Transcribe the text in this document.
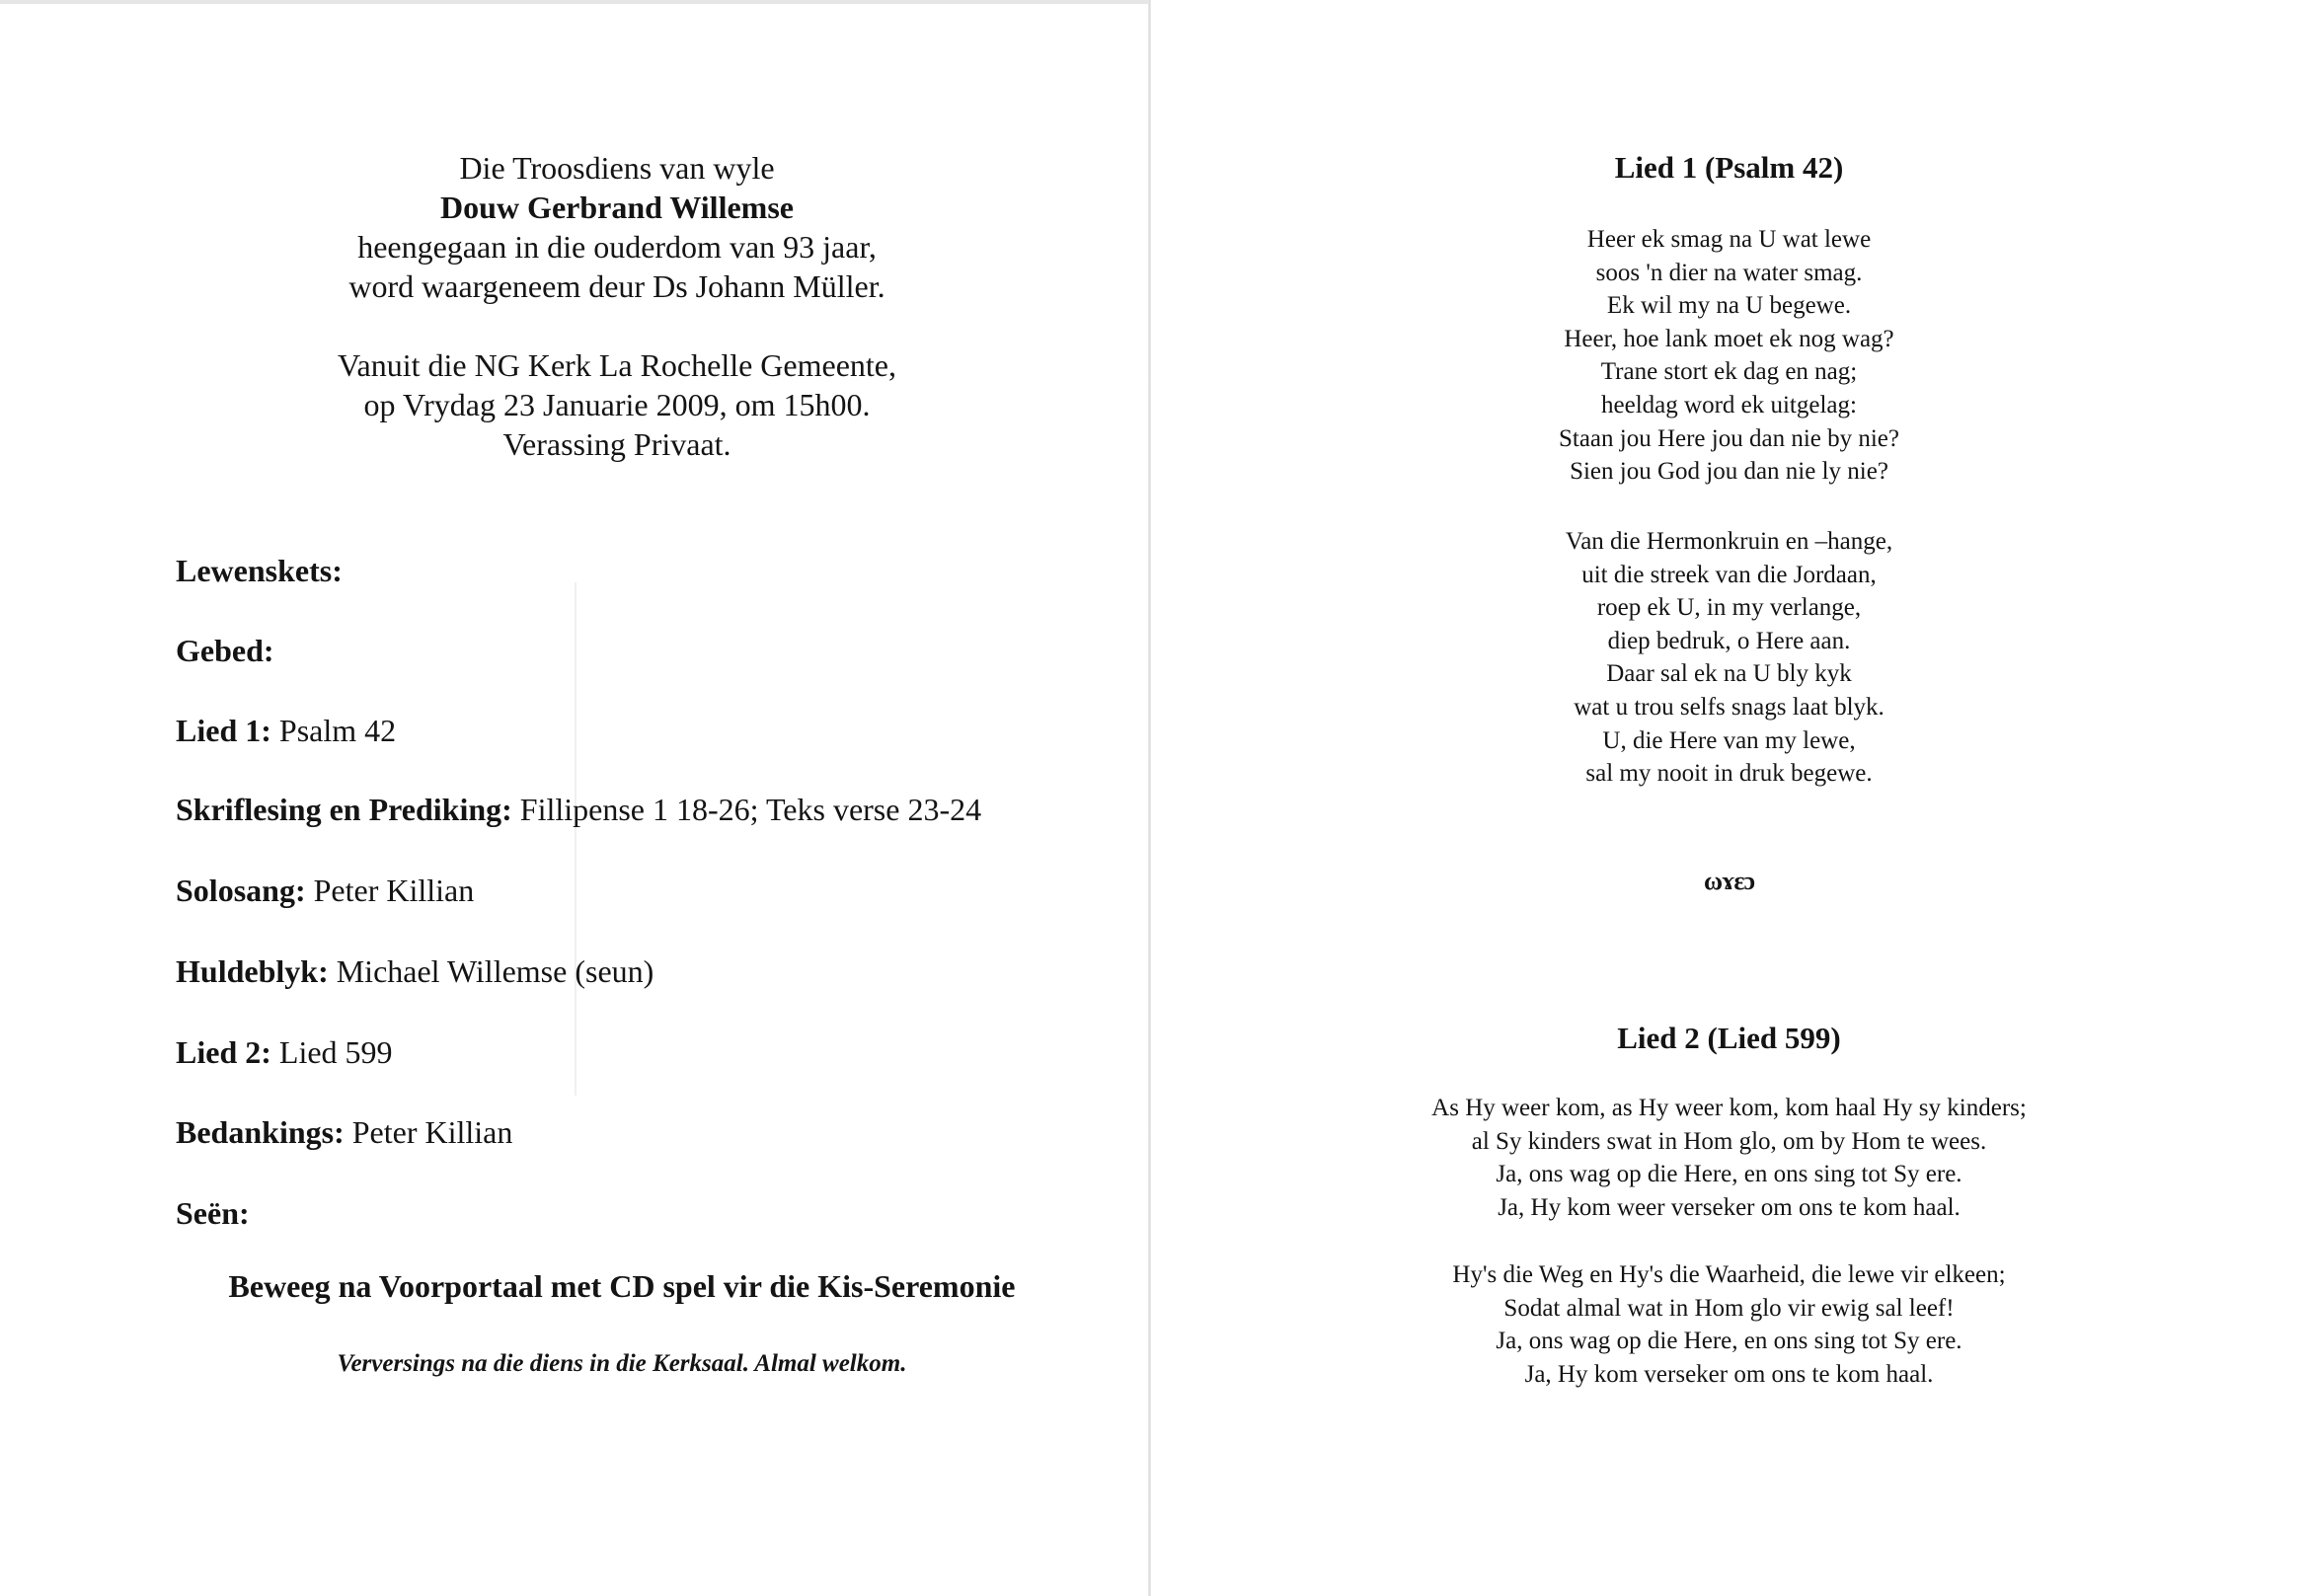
Die Troosdiens van wyle
Douw Gerbrand Willemse
heengegaan in die ouderdom van 93 jaar,
word waargeneem deur Ds Johann Müller.
Vanuit die NG Kerk La Rochelle Gemeente,
op Vrydag 23 Januarie 2009, om 15h00.
Verassing Privaat.
Lewenskets:
Gebed:
Lied 1: Psalm 42
Skriflesing en Prediking: Fillipense 1 18-26; Teks verse 23-24
Solosang: Peter Killian
Huldeblyk: Michael Willemse (seun)
Lied 2: Lied 599
Bedankings: Peter Killian
Seën:
Beweeg na Voorportaal met CD spel vir die Kis-Seremonie
Verversings na die diens in die Kerksaal. Almal welkom.
Lied 1 (Psalm 42)
Heer ek smag na U wat lewe
soos 'n dier na water smag.
Ek wil my na U begewe.
Heer, hoe lank moet ek nog wag?
Trane stort ek dag en nag;
heeldag word ek uitgelag:
Staan jou Here jou dan nie by nie?
Sien jou God jou dan nie ly nie?
Van die Hermonkruin en –hange,
uit die streek van die Jordaan,
roep ek U, in my verlange,
diep bedruk, o Here aan.
Daar sal ek na U bly kyk
wat u trou selfs snags laat blyk.
U, die Here van my lewe,
sal my nooit in druk begewe.
ωɤεɔ
Lied 2 (Lied 599)
As Hy weer kom, as Hy weer kom, kom haal Hy sy kinders;
al Sy kinders swat in Hom glo, om by Hom te wees.
Ja, ons wag op die Here, en ons sing tot Sy ere.
Ja, Hy kom weer verseker om ons te kom haal.
Hy's die Weg en Hy's die Waarheid, die lewe vir elkeen;
Sodat almal wat in Hom glo vir ewig sal leef!
Ja, ons wag op die Here, en ons sing tot Sy ere.
Ja, Hy kom verseker om ons te kom haal.
